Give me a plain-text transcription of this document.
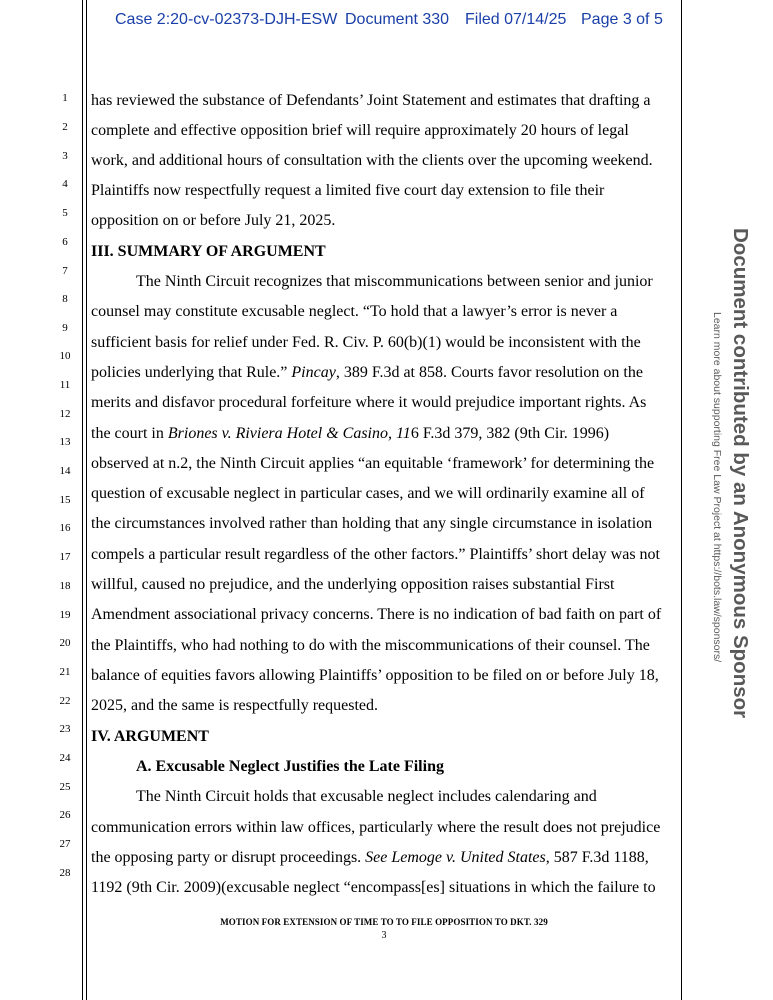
Case 2:20-cv-02373-DJH-ESW Document 330 Filed 07/14/25 Page 3 of 5
1
2
3
4
5
6
7
8
9
10
11
12
13
14
15
16
17
18
19
20
21
22
23
24
25
26
27
28
has reviewed the substance of Defendants’ Joint Statement and estimates that drafting a
complete and effective opposition brief will require approximately 20 hours of legal
work, and additional hours of consultation with the clients over the upcoming weekend.
Plaintiffs now respectfully request a limited five court day extension to file their
opposition on or before July 21, 2025.
III. SUMMARY OF ARGUMENT
The Ninth Circuit recognizes that miscommunications between senior and junior
counsel may constitute excusable neglect. “To hold that a lawyer’s error is never a
sufficient basis for relief under Fed. R. Civ. P. 60(b)(1) would be inconsistent with the
policies underlying that Rule.” Pincay, 389 F.3d at 858. Courts favor resolution on the
merits and disfavor procedural forfeiture where it would prejudice important rights. As
the court in Briones v. Riviera Hotel & Casino, 116 F.3d 379, 382 (9th Cir. 1996)
observed at n.2, the Ninth Circuit applies “an equitable ‘framework’ for determining the
question of excusable neglect in particular cases, and we will ordinarily examine all of
the circumstances involved rather than holding that any single circumstance in isolation
compels a particular result regardless of the other factors.” Plaintiffs’ short delay was not
willful, caused no prejudice, and the underlying opposition raises substantial First
Amendment associational privacy concerns. There is no indication of bad faith on part of
the Plaintiffs, who had nothing to do with the miscommunications of their counsel. The
balance of equities favors allowing Plaintiffs’ opposition to be filed on or before July 18,
2025, and the same is respectfully requested.
IV. ARGUMENT
A. Excusable Neglect Justifies the Late Filing
The Ninth Circuit holds that excusable neglect includes calendaring and
communication errors within law offices, particularly where the result does not prejudice
the opposing party or disrupt proceedings. See Lemoge v. United States, 587 F.3d 1188,
1192 (9th Cir. 2009)(excusable neglect “encompass[es] situations in which the failure to
MOTION FOR EXTENSION OF TIME TO TO FILE OPPOSITION TO DKT. 329
3
Document contributed by an Anonymous Sponsor
Learn more about supporting Free Law Project at https://bots.law/sponsors/
